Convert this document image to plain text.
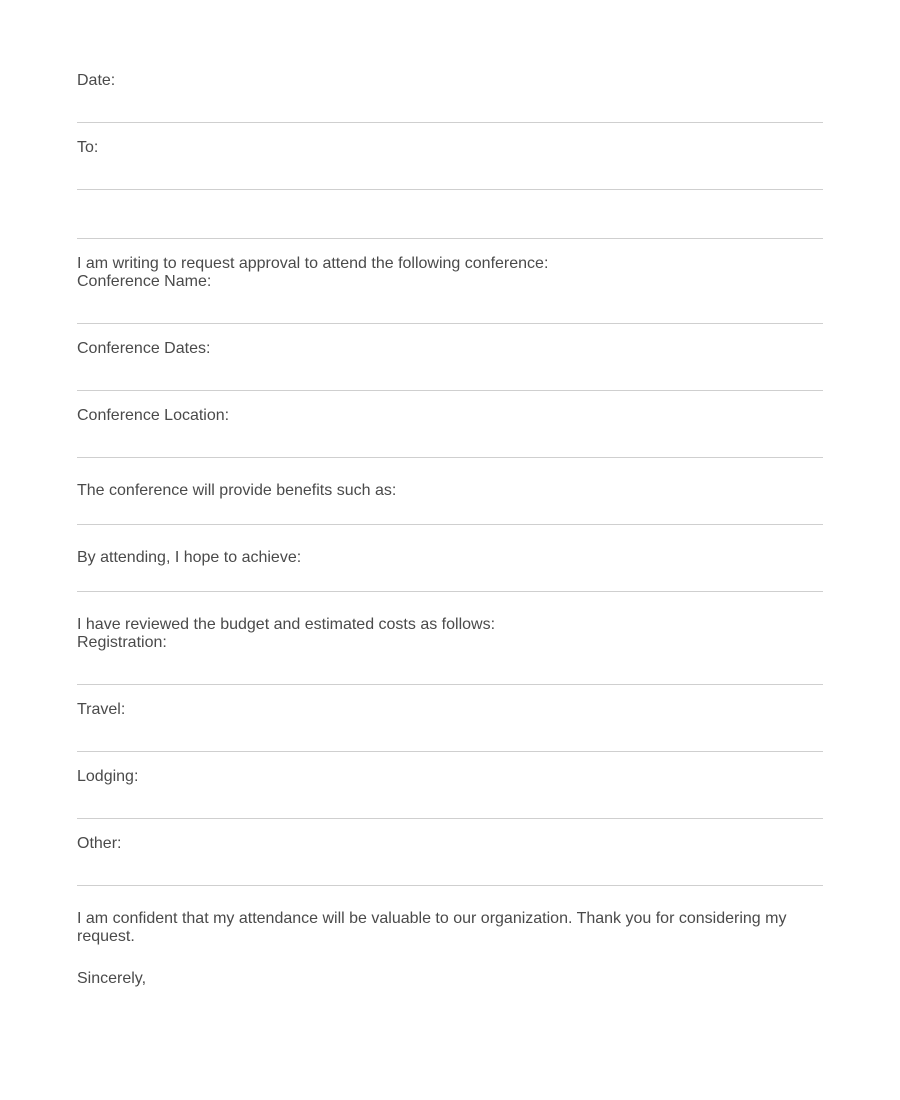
Date:

To:

I am writing to request approval to attend the following conference:
Conference Name:

Conference Dates:

Conference Location:

The conference will provide benefits such as:

By attending, I hope to achieve:

I have reviewed the budget and estimated costs as follows:
Registration:

Travel:

Lodging:

Other:

I am confident that my attendance will be valuable to our organization. Thank you for considering my request.

Sincerely,
